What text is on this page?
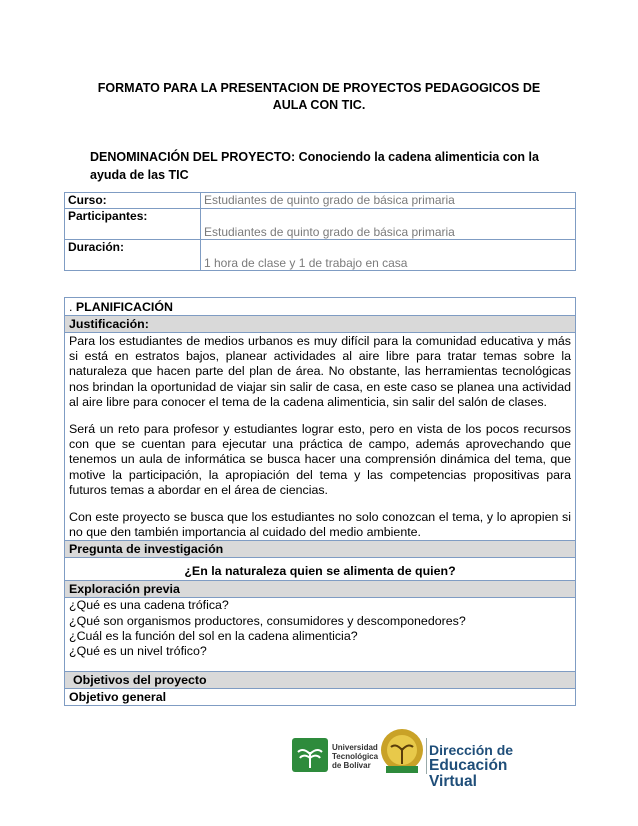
FORMATO PARA LA PRESENTACION DE PROYECTOS PEDAGOGICOS DE
AULA CON TIC.
DENOMINACIÓN DEL PROYECTO: Conociendo la cadena alimenticia con la
ayuda de las TIC
Curso:	Estudiantes de quinto grado de básica primaria
Participantes:	Estudiantes de quinto grado de básica primaria
Duración:	1 hora de clase y 1 de trabajo en casa
. PLANIFICACIÓN
Justificación:

Para los estudiantes de medios urbanos es muy difícil para la comunidad educativa y más si está en estratos bajos, planear actividades al aire libre para tratar temas sobre la naturaleza que hacen parte del plan de área. No obstante, las herramientas tecnológicas nos brindan la oportunidad de viajar sin salir de casa, en este caso se planea una actividad al aire libre para conocer el tema de la cadena alimenticia, sin salir del salón de clases.

Será un reto para profesor y estudiantes lograr esto, pero en vista de los pocos recursos con que se cuentan para ejecutar una práctica de campo, además aprovechando que tenemos un aula de informática se busca hacer una comprensión dinámica del tema, que motive la participación, la apropiación del tema y las competencias propositivas para futuros temas a abordar en el área de ciencias.

Con este proyecto se busca que los estudiantes no solo conozcan el tema, y lo apropien si no que den también importancia al cuidado del medio ambiente.

Pregunta de investigación
¿En la naturaleza quien se alimenta de quien?
Exploración previa

¿Qué es una cadena trófica?
¿Qué son organismos productores, consumidores y descomponedores?
¿Cuál es la función del sol en la cadena alimenticia?
¿Qué es un nivel trófico?

Objetivos del proyecto
Objetivo general
Universidad
Tecnológica
de Bolívar
Dirección de
Educación Virtual
